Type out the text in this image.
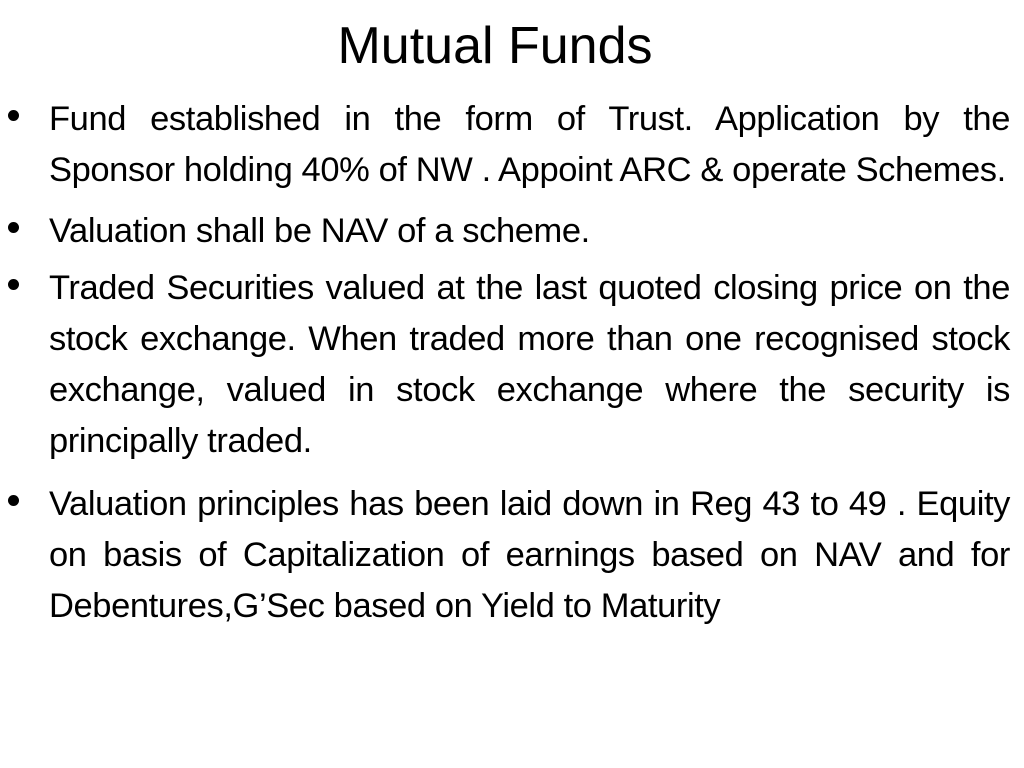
Mutual Funds
Fund established in the form of Trust. Application by the Sponsor holding 40% of NW . Appoint ARC & operate Schemes.
Valuation shall be NAV of a scheme.
Traded Securities valued at the last quoted closing price on the stock exchange. When traded more than one recognised stock exchange, valued in stock exchange where the security is principally traded.
Valuation principles has been laid down in Reg 43 to 49 . Equity on basis of Capitalization of earnings based on NAV and for Debentures,G’Sec based on Yield to Maturity
